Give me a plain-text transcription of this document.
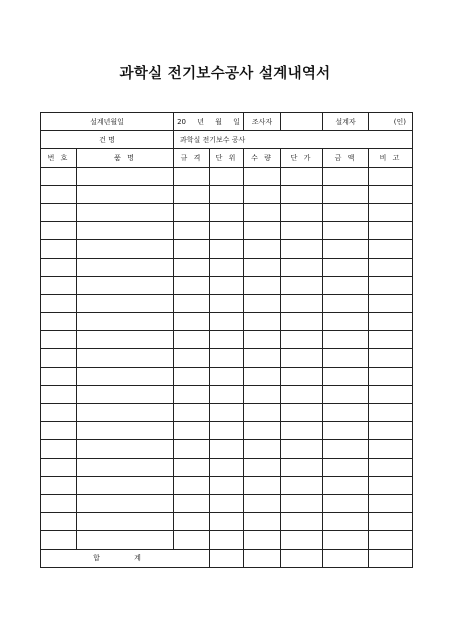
과학실 전기보수공사 설계내역서
설계년월일		20 년 월 일		조사자		설계자	(인)
건 명		과학실 전기보수 공사					
번 호	품 명	규 격	단 위	수 량	단 가	금 액	비 고

합 계							
